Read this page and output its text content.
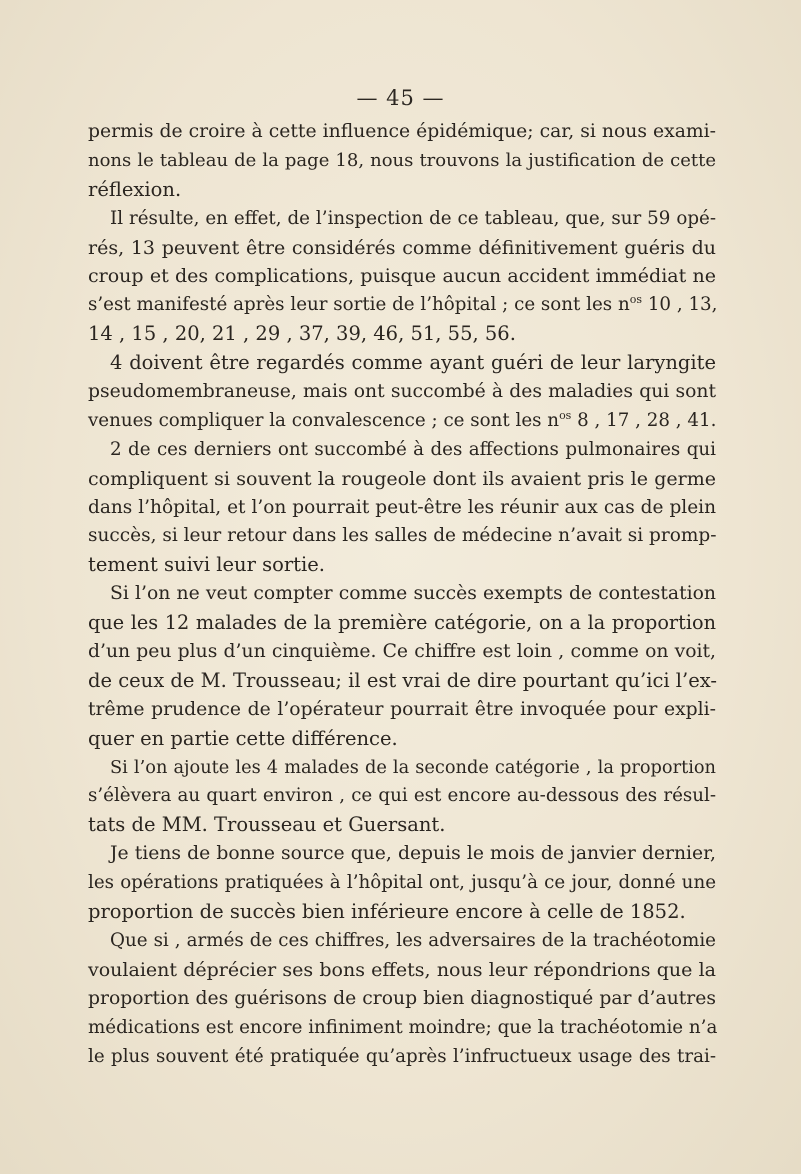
— 45 —
permis de croire à cette influence épidémique; car, si nous exami-
nons le tableau de la page 18, nous trouvons la justification de cette
réflexion.
Il résulte, en effet, de l’inspection de ce tableau, que, sur 59 opé-
rés, 13 peuvent être considérés comme définitivement guéris du
croup et des complications, puisque aucun accident immédiat ne
s’est manifesté après leur sortie de l’hôpital ; ce sont les $n^{os}$ 10 , 13,
14 , 15 , 20, 21 , 29 , 37, 39, 46, 51, 55, 56.
4 doivent être regardés comme ayant guéri de leur laryngite
pseudomembraneuse, mais ont succombé à des maladies qui sont
venues compliquer la convalescence ; ce sont les $n^{os}$ 8 , 17 , 28 , 41.
2 de ces derniers ont succombé à des affections pulmonaires qui
compliquent si souvent la rougeole dont ils avaient pris le germe
dans l’hôpital, et l’on pourrait peut-être les réunir aux cas de plein
succès, si leur retour dans les salles de médecine n’avait si promp-
tement suivi leur sortie.
Si l’on ne veut compter comme succès exempts de contestation
que les 12 malades de la première catégorie, on a la proportion
d’un peu plus d’un cinquième. Ce chiffre est loin , comme on voit,
de ceux de M. Trousseau; il est vrai de dire pourtant qu’ici l’ex-
trême prudence de l’opérateur pourrait être invoquée pour expli-
quer en partie cette différence.
Si l’on ajoute les 4 malades de la seconde catégorie , la proportion
s’élèvera au quart environ , ce qui est encore au-dessous des résul-
tats de MM. Trousseau et Guersant.
Je tiens de bonne source que, depuis le mois de janvier dernier,
les opérations pratiquées à l’hôpital ont, jusqu’à ce jour, donné une
proportion de succès bien inférieure encore à celle de 1852.
Que si , armés de ces chiffres, les adversaires de la trachéotomie
voulaient déprécier ses bons effets, nous leur répondrions que la
proportion des guérisons de croup bien diagnostiqué par d’autres
médications est encore infiniment moindre; que la trachéotomie n’a
le plus souvent été pratiquée qu’après l’infructueux usage des trai-
